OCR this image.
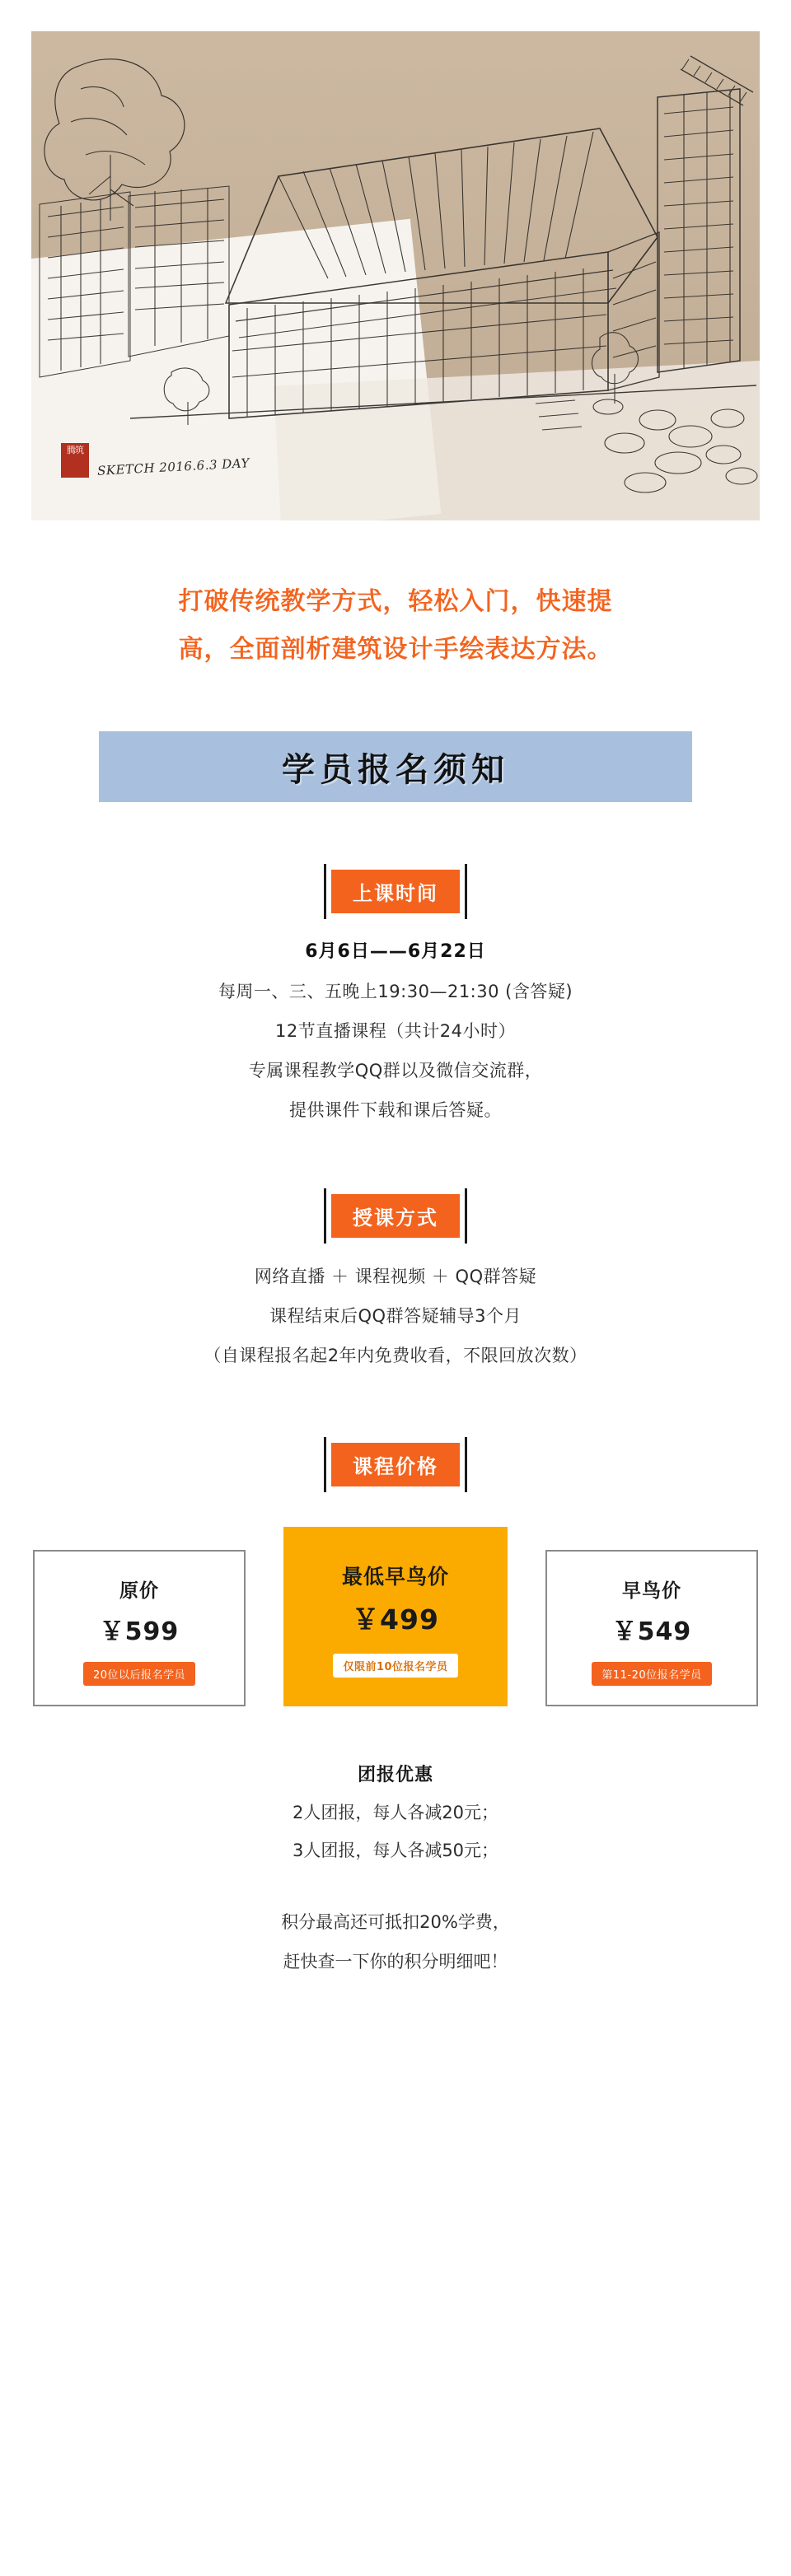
腾筑
SKETCH 2016.6.3 DAY
打破传统教学方式，轻松入门，快速提
高，全面剖析建筑设计手绘表达方法。
学员报名须知
上课时间
6月6日——6月22日
每周一、三、五晚上19:30—21:30 (含答疑)
12节直播课程（共计24小时）
专属课程教学QQ群以及微信交流群，
提供课件下载和课后答疑。
授课方式
网络直播 ＋ 课程视频 ＋ QQ群答疑
课程结束后QQ群答疑辅导3个月
（自课程报名起2年内免费收看，不限回放次数）
课程价格
原价
￥599
20位以后报名学员
最低早鸟价
￥499
仅限前10位报名学员
早鸟价
￥549
第11-20位报名学员
团报优惠
2人团报，每人各减20元；
3人团报，每人各减50元；
积分最高还可抵扣20%学费，
赶快查一下你的积分明细吧！
